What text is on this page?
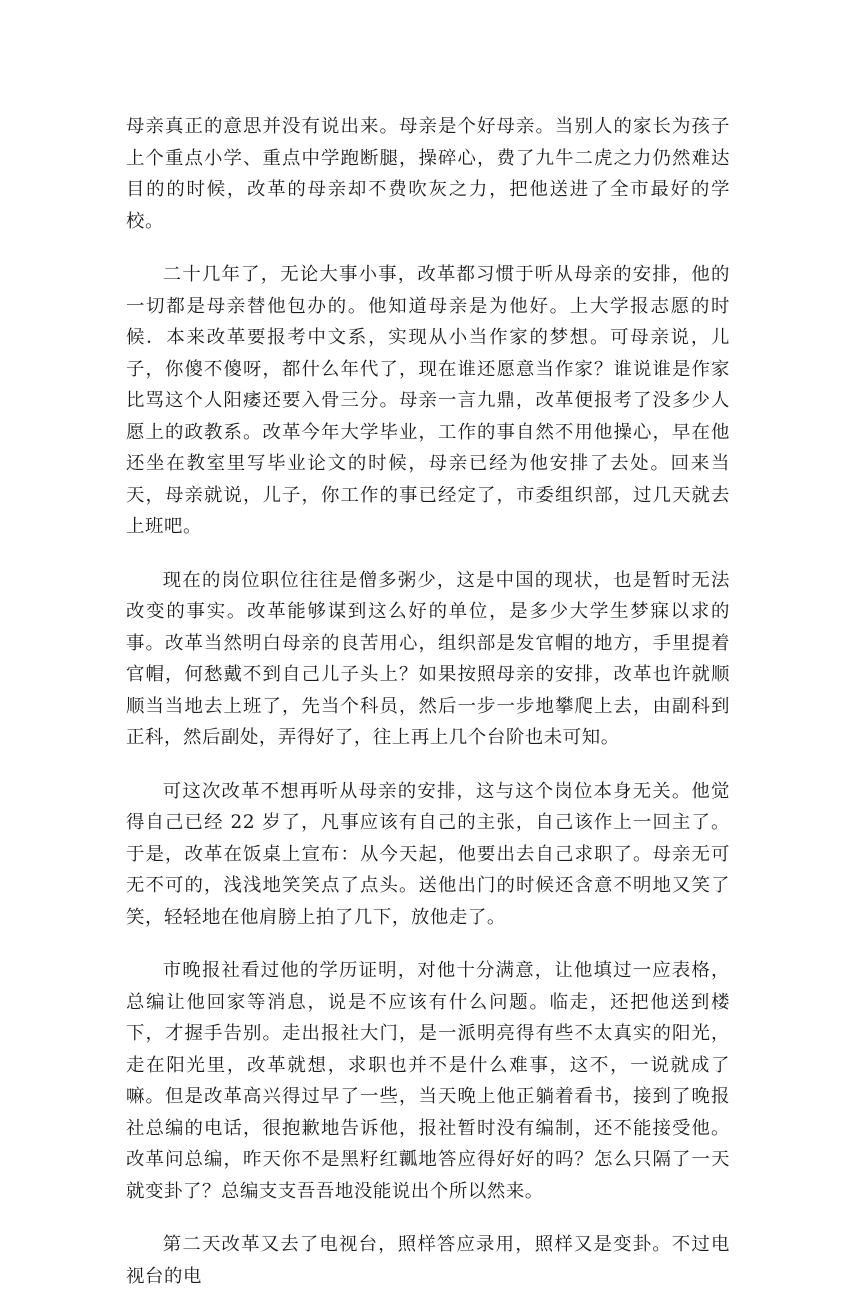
母亲真正的意思并没有说出来。母亲是个好母亲。当别人的家长为孩子上个重点小学、重点中学跑断腿，操碎心，费了九牛二虎之力仍然难达目的的时候，改革的母亲却不费吹灰之力，把他送进了全市最好的学校。

二十几年了，无论大事小事，改革都习惯于听从母亲的安排，他的一切都是母亲替他包办的。他知道母亲是为他好。上大学报志愿的时候．本来改革要报考中文系，实现从小当作家的梦想。可母亲说，儿子，你傻不傻呀，都什么年代了，现在谁还愿意当作家？谁说谁是作家比骂这个人阳痿还要入骨三分。母亲一言九鼎，改革便报考了没多少人愿上的政教系。改革今年大学毕业，工作的事自然不用他操心，早在他还坐在教室里写毕业论文的时候，母亲已经为他安排了去处。回来当天，母亲就说，儿子，你工作的事已经定了，市委组织部，过几天就去上班吧。

现在的岗位职位往往是僧多粥少，这是中国的现状，也是暂时无法改变的事实。改革能够谋到这么好的单位，是多少大学生梦寐以求的事。改革当然明白母亲的良苦用心，组织部是发官帽的地方，手里提着官帽，何愁戴不到自己儿子头上？如果按照母亲的安排，改革也许就顺顺当当地去上班了，先当个科员，然后一步一步地攀爬上去，由副科到正科，然后副处，弄得好了，往上再上几个台阶也未可知。

可这次改革不想再听从母亲的安排，这与这个岗位本身无关。他觉得自己已经 22 岁了，凡事应该有自己的主张，自己该作上一回主了。于是，改革在饭桌上宣布：从今天起，他要出去自己求职了。母亲无可无不可的，浅浅地笑笑点了点头。送他出门的时候还含意不明地又笑了笑，轻轻地在他肩膀上拍了几下，放他走了。

市晚报社看过他的学历证明，对他十分满意，让他填过一应表格，总编让他回家等消息，说是不应该有什么问题。临走，还把他送到楼下，才握手告别。走出报社大门，是一派明亮得有些不太真实的阳光，走在阳光里，改革就想，求职也并不是什么难事，这不，一说就成了嘛。但是改革高兴得过早了一些，当天晚上他正躺着看书，接到了晚报社总编的电话，很抱歉地告诉他，报社暂时没有编制，还不能接受他。改革问总编，昨天你不是黑籽红瓤地答应得好好的吗？怎么只隔了一天就变卦了？总编支支吾吾地没能说出个所以然来。

第二天改革又去了电视台，照样答应录用，照样又是变卦。不过电视台的电
